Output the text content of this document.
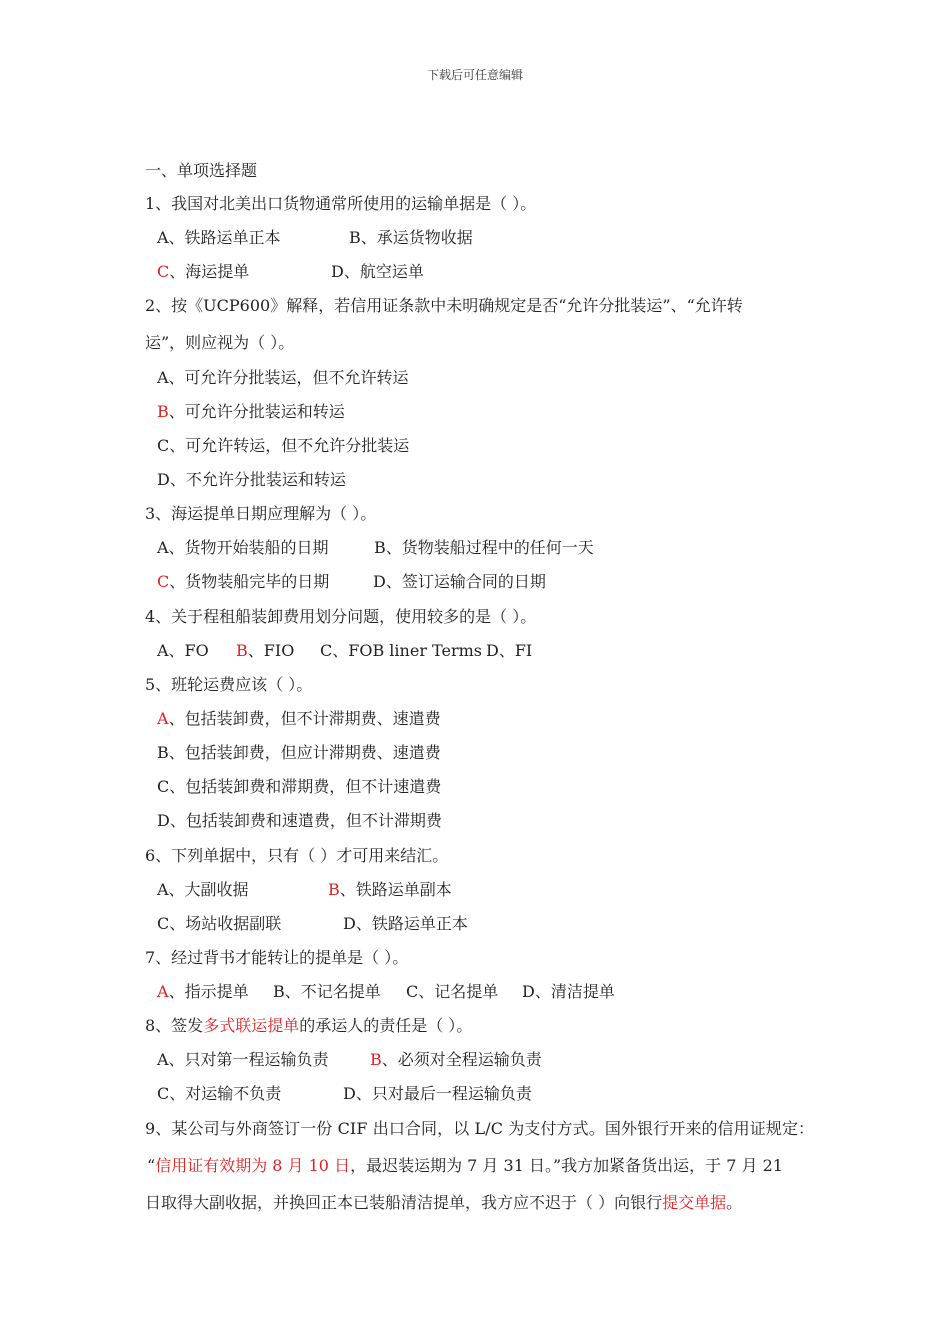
下载后可任意编辑
一、单项选择题
1、我国对北美出口货物通常所使用的运输单据是（ ）。
A、铁路运单正本	B、承运货物收据
C、海运提单	D、航空运单
2、按《UCP600》解释，若信用证条款中未明确规定是否“允许分批装运”、“允许转
运”，则应视为（ ）。
A、可允许分批装运，但不允许转运
B、可允许分批装运和转运
C、可允许转运，但不允许分批装运
D、不允许分批装运和转运
3、海运提单日期应理解为（ ）。
A、货物开始装船的日期	B、货物装船过程中的任何一天
C、货物装船完毕的日期	D、签订运输合同的日期
4、关于程租船装卸费用划分问题，使用较多的是（ ）。
A、FO B、FIO C、FOB liner Terms D、FI
5、班轮运费应该（ ）。
A、包括装卸费，但不计滞期费、速遣费
B、包括装卸费，但应计滞期费、速遣费
C、包括装卸费和滞期费，但不计速遣费
D、包括装卸费和速遣费，但不计滞期费
6、下列单据中，只有（ ）才可用来结汇。
A、大副收据	B、铁路运单副本
C、场站收据副联	D、铁路运单正本
7、经过背书才能转让的提单是（ ）。
A、指示提单 B、不记名提单 C、记名提单 D、清洁提单
8、签发多式联运提单的承运人的责任是（ ）。
A、只对第一程运输负责	B、必须对全程运输负责
C、对运输不负责	D、只对最后一程运输负责
9、某公司与外商签订一份 CIF 出口合同，以 L/C 为支付方式。国外银行开来的信用证规定：
“信用证有效期为 8 月 10 日，最迟装运期为 7 月 31 日。”我方加紧备货出运，于 7 月 21
日取得大副收据，并换回正本已装船清洁提单，我方应不迟于（ ）向银行提交单据。
